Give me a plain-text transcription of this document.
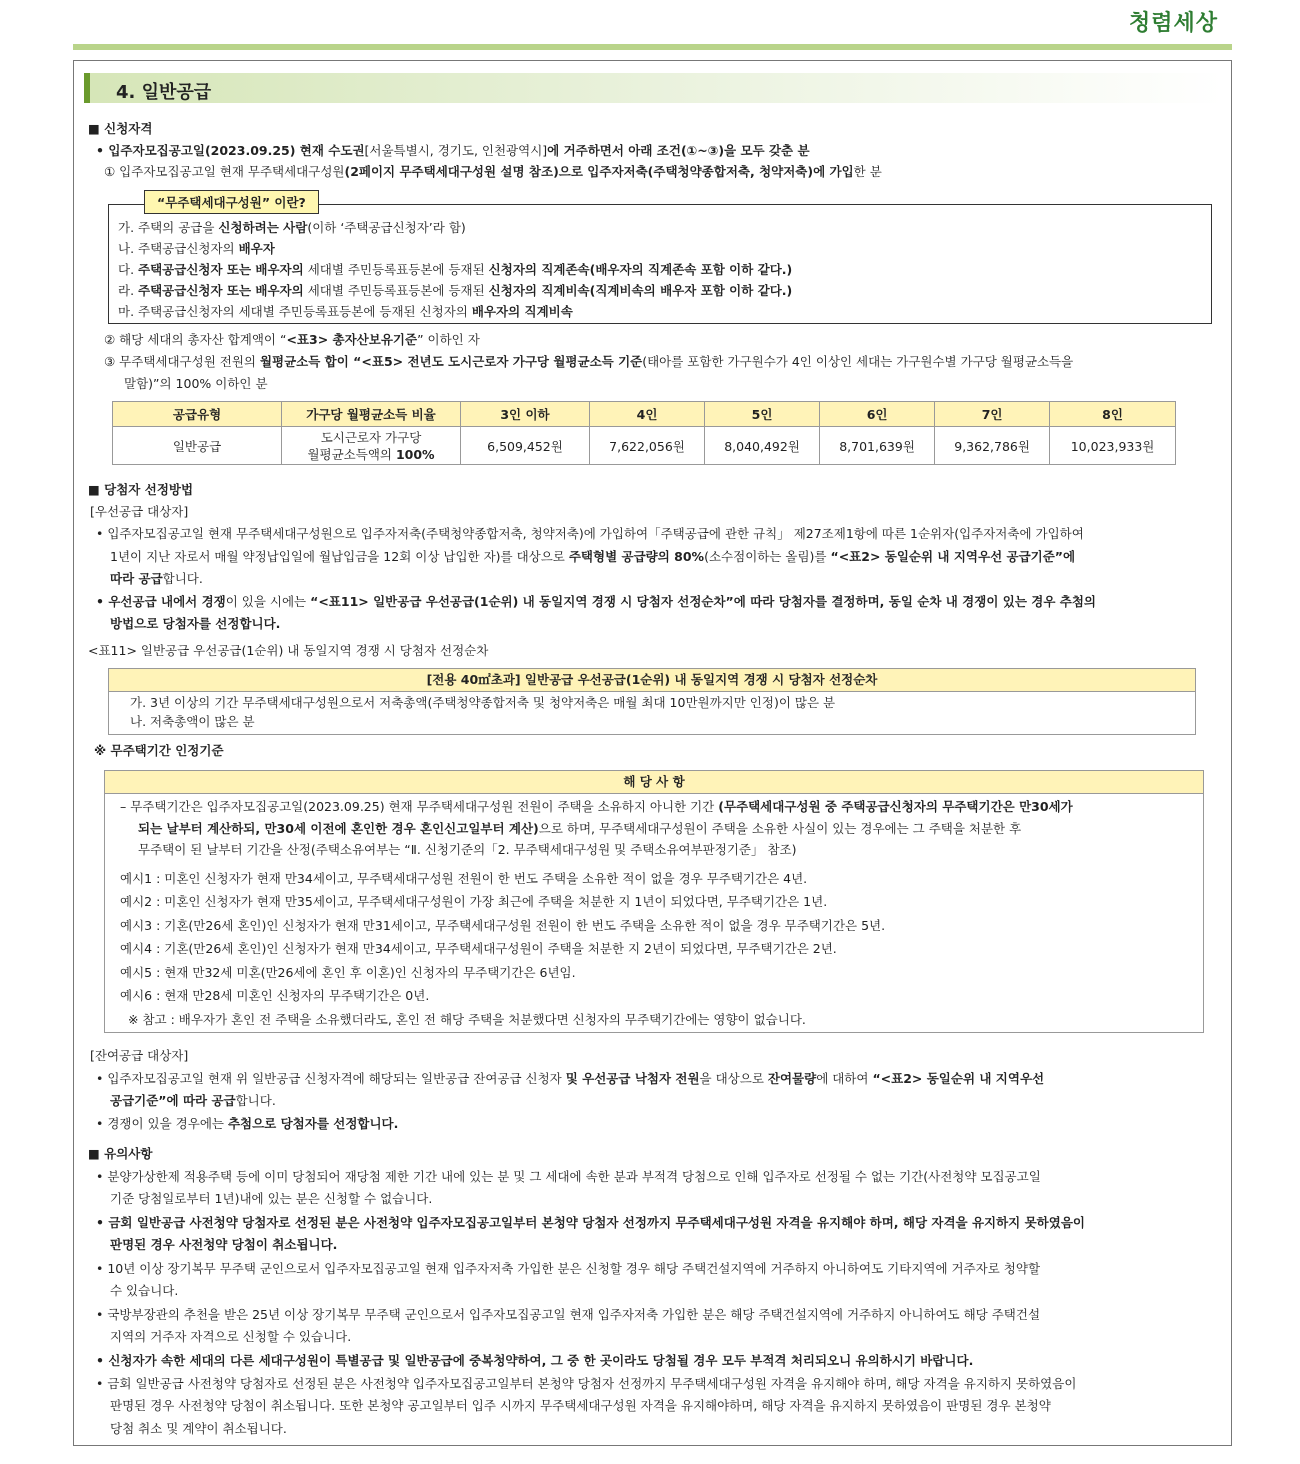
청렴세상
4. 일반공급
■ 신청자격
• 입주자모집공고일(2023.09.25) 현재 수도권[서울특별시, 경기도, 인천광역시]에 거주하면서 아래 조건(①~③)을 모두 갖춘 분
① 입주자모집공고일 현재 무주택세대구성원(2페이지 무주택세대구성원 설명 참조)으로 입주자저축(주택청약종합저축, 청약저축)에 가입한 분
“무주택세대구성원” 이란?
가. 주택의 공급을 신청하려는 사람(이하 ‘주택공급신청자’라 함)
나. 주택공급신청자의 배우자
다. 주택공급신청자 또는 배우자의 세대별 주민등록표등본에 등재된 신청자의 직계존속(배우자의 직계존속 포함 이하 같다.)
라. 주택공급신청자 또는 배우자의 세대별 주민등록표등본에 등재된 신청자의 직계비속(직계비속의 배우자 포함 이하 같다.)
마. 주택공급신청자의 세대별 주민등록표등본에 등재된 신청자의 배우자의 직계비속
② 해당 세대의 총자산 합계액이 “<표3> 총자산보유기준” 이하인 자
③ 무주택세대구성원 전원의 월평균소득 합이 “<표5> 전년도 도시근로자 가구당 월평균소득 기준(태아를 포함한 가구원수가 4인 이상인 세대는 가구원수별 가구당 월평균소득을
말함)”의 100% 이하인 분
공급유형	가구당 월평균소득 비율	3인 이하	4인	5인	6인	7인	8인
일반공급	도시근로자 가구당
월평균소득액의 100%	6,509,452원	7,622,056원	8,040,492원	8,701,639원	9,362,786원	10,023,933원
■ 당첨자 선정방법
[우선공급 대상자]
• 입주자모집공고일 현재 무주택세대구성원으로 입주자저축(주택청약종합저축, 청약저축)에 가입하여「주택공급에 관한 규칙」 제27조제1항에 따른 1순위자(입주자저축에 가입하여
1년이 지난 자로서 매월 약정납입일에 월납입금을 12회 이상 납입한 자)를 대상으로 주택형별 공급량의 80%(소수점이하는 올림)를 “<표2> 동일순위 내 지역우선 공급기준”에
따라 공급합니다.
• 우선공급 내에서 경쟁이 있을 시에는 “<표11> 일반공급 우선공급(1순위) 내 동일지역 경쟁 시 당첨자 선정순차”에 따라 당첨자를 결정하며, 동일 순차 내 경쟁이 있는 경우 추첨의
방법으로 당첨자를 선정합니다.
<표11> 일반공급 우선공급(1순위) 내 동일지역 경쟁 시 당첨자 선정순차
[전용 40㎡초과] 일반공급 우선공급(1순위) 내 동일지역 경쟁 시 당첨자 선정순차
가. 3년 이상의 기간 무주택세대구성원으로서 저축총액(주택청약종합저축 및 청약저축은 매월 최대 10만원까지만 인정)이 많은 분
나. 저축총액이 많은 분
※ 무주택기간 인정기준
해 당 사 항
– 무주택기간은 입주자모집공고일(2023.09.25) 현재 무주택세대구성원 전원이 주택을 소유하지 아니한 기간 (무주택세대구성원 중 주택공급신청자의 무주택기간은 만30세가
되는 날부터 계산하되, 만30세 이전에 혼인한 경우 혼인신고일부터 계산)으로 하며, 무주택세대구성원이 주택을 소유한 사실이 있는 경우에는 그 주택을 처분한 후
무주택이 된 날부터 기간을 산정(주택소유여부는 “Ⅱ. 신청기준의「2. 무주택세대구성원 및 주택소유여부판정기준」 참조)
예시1 : 미혼인 신청자가 현재 만34세이고, 무주택세대구성원 전원이 한 번도 주택을 소유한 적이 없을 경우 무주택기간은 4년.
예시2 : 미혼인 신청자가 현재 만35세이고, 무주택세대구성원이 가장 최근에 주택을 처분한 지 1년이 되었다면, 무주택기간은 1년.
예시3 : 기혼(만26세 혼인)인 신청자가 현재 만31세이고, 무주택세대구성원 전원이 한 번도 주택을 소유한 적이 없을 경우 무주택기간은 5년.
예시4 : 기혼(만26세 혼인)인 신청자가 현재 만34세이고, 무주택세대구성원이 주택을 처분한 지 2년이 되었다면, 무주택기간은 2년.
예시5 : 현재 만32세 미혼(만26세에 혼인 후 이혼)인 신청자의 무주택기간은 6년임.
예시6 : 현재 만28세 미혼인 신청자의 무주택기간은 0년.
※ 참고 : 배우자가 혼인 전 주택을 소유했더라도, 혼인 전 해당 주택을 처분했다면 신청자의 무주택기간에는 영향이 없습니다.
[잔여공급 대상자]
• 입주자모집공고일 현재 위 일반공급 신청자격에 해당되는 일반공급 잔여공급 신청자 및 우선공급 낙첨자 전원을 대상으로 잔여물량에 대하여 “<표2> 동일순위 내 지역우선
공급기준”에 따라 공급합니다.
• 경쟁이 있을 경우에는 추첨으로 당첨자를 선정합니다.
■ 유의사항
• 분양가상한제 적용주택 등에 이미 당첨되어 재당첨 제한 기간 내에 있는 분 및 그 세대에 속한 분과 부적격 당첨으로 인해 입주자로 선정될 수 없는 기간(사전청약 모집공고일
기준 당첨일로부터 1년)내에 있는 분은 신청할 수 없습니다.
• 금회 일반공급 사전청약 당첨자로 선정된 분은 사전청약 입주자모집공고일부터 본청약 당첨자 선정까지 무주택세대구성원 자격을 유지해야 하며, 해당 자격을 유지하지 못하였음이
판명된 경우 사전청약 당첨이 취소됩니다.
• 10년 이상 장기복무 무주택 군인으로서 입주자모집공고일 현재 입주자저축 가입한 분은 신청할 경우 해당 주택건설지역에 거주하지 아니하여도 기타지역에 거주자로 청약할
수 있습니다.
• 국방부장관의 추천을 받은 25년 이상 장기복무 무주택 군인으로서 입주자모집공고일 현재 입주자저축 가입한 분은 해당 주택건설지역에 거주하지 아니하여도 해당 주택건설
지역의 거주자 자격으로 신청할 수 있습니다.
• 신청자가 속한 세대의 다른 세대구성원이 특별공급 및 일반공급에 중복청약하여, 그 중 한 곳이라도 당첨될 경우 모두 부적격 처리되오니 유의하시기 바랍니다.
• 금회 일반공급 사전청약 당첨자로 선정된 분은 사전청약 입주자모집공고일부터 본청약 당첨자 선정까지 무주택세대구성원 자격을 유지해야 하며, 해당 자격을 유지하지 못하였음이
판명된 경우 사전청약 당첨이 취소됩니다. 또한 본청약 공고일부터 입주 시까지 무주택세대구성원 자격을 유지해야하며, 해당 자격을 유지하지 못하였음이 판명된 경우 본청약
당첨 취소 및 계약이 취소됩니다.
